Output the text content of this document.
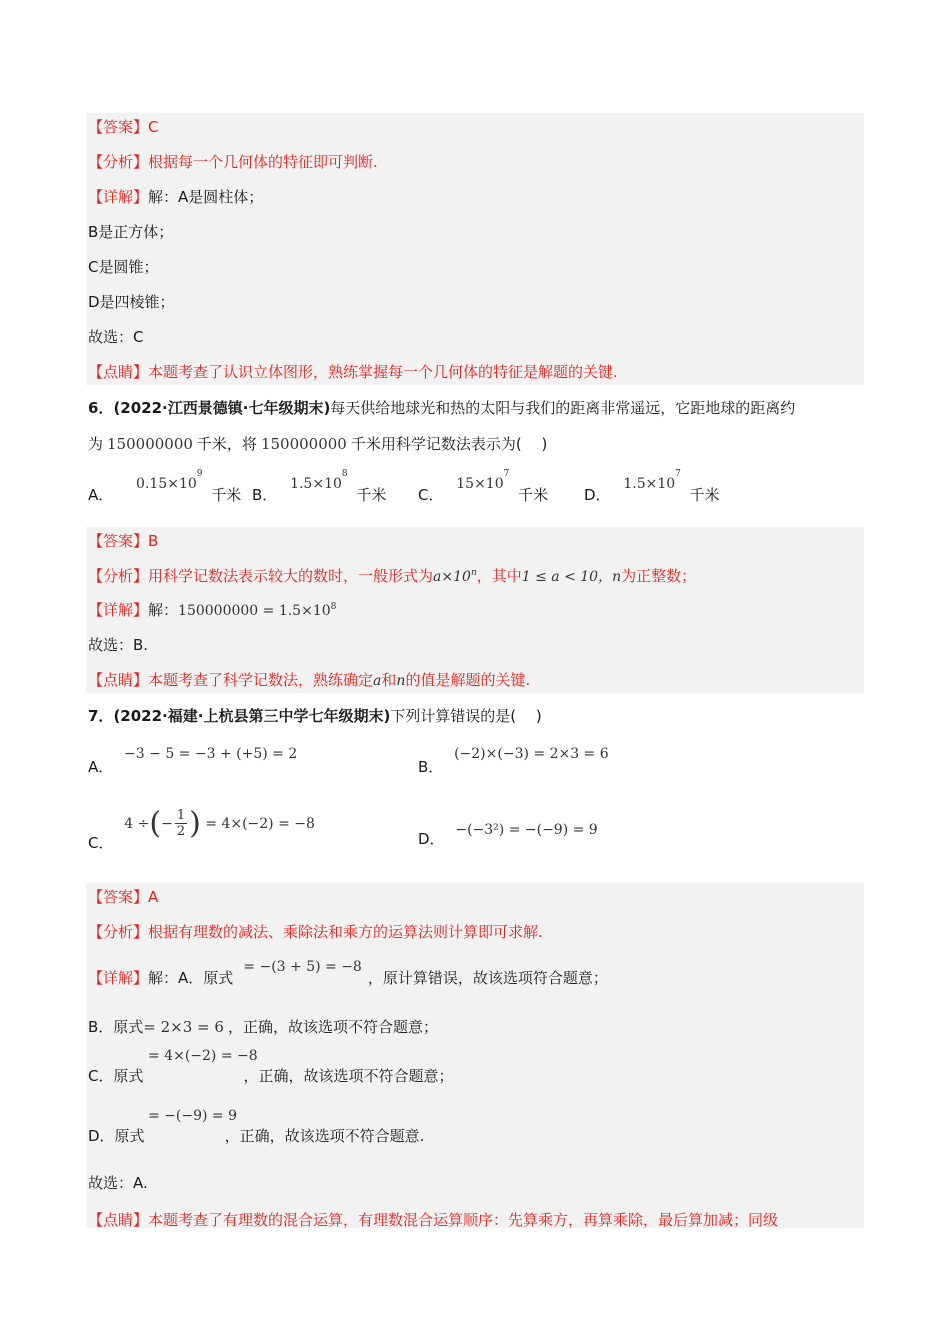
【答案】C
【分析】根据每一个几何体的特征即可判断.
【详解】解：A是圆柱体；
B是正方体；
C是圆锥；
D是四棱锥；
故选：C
【点睛】本题考查了认识立体图形，熟练掌握每一个几何体的特征是解题的关键.
6．(2022·江西景德镇·七年级期末)每天供给地球光和热的太阳与我们的距离非常遥远，它距地球的距离约
为 150000000 千米，将 150000000 千米用科学记数法表示为(　 )
A． $0.15\times 10^9$ 千米 B． $1.5\times 10^8$ 千米 C． $15\times 10^7$ 千米 D． $1.5\times 10^7$ 千米
【答案】B
【分析】用科学记数法表示较大的数时，一般形式为$a\times 10^n$，其中1 ≤ a < 10，n为正整数；
【详解】解：$150000000 = 1.5\times 10^8$
故选：B.
【点睛】本题考查了科学记数法，熟练确定a和n的值是解题的关键.
7．(2022·福建·上杭县第三中学七年级期末)下列计算错误的是(　 )
A． −3 − 5 = −3 + (+5) = 2
B． (−2)×(−3) = 2×3 = 6
C． 4 ÷(− $\frac{1}{2}$ ) = 4×(−2) = −8
D． −(−3²) = −(−9) = 9
【答案】A
【分析】根据有理数的减法、乘除法和乘方的运算法则计算即可求解.
【详解】解：A．原式= −(3 + 5) = −8，原计算错误，故该选项符合题意；
B．原式= 2×3 = 6 ，正确，故该选项不符合题意；
= 4×(−2) = −8
C．原式	，正确，故该选项不符合题意；
= −(−9) = 9
D．原式	，正确，故该选项不符合题意.
故选：A.
【点睛】本题考查了有理数的混合运算，有理数混合运算顺序：先算乘方，再算乘除，最后算加减；同级
